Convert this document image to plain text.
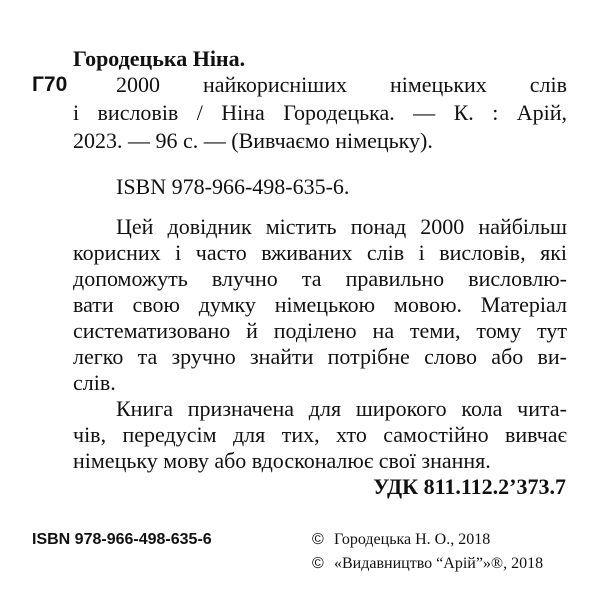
Городецька Ніна.
Г70 2000 найкорисніших німецьких слів
і висловів / Ніна Городецька. — К. : Арій,
2023. — 96 с. — (Вивчаємо німецьку).
ISBN 978-966-498-635-6.
Цей довідник містить понад 2000 найбільш
корисних і часто вживаних слів і висловів, які
допоможуть влучно та правильно висловлю-
вати свою думку німецькою мовою. Матеріал
систематизовано й поділено на теми, тому тут
легко та зручно знайти потрібне слово або ви-
слів.
Книга призначена для широкого кола чита-
чів, передусім для тих, хто самостійно вивчає
німецьку мову або вдосконалює свої знання.
УДК 811.112.2’373.7
ISBN 978-966-498-635-6	© Городецька Н. О., 2018
© «Видавництво “Арій”»®, 2018
